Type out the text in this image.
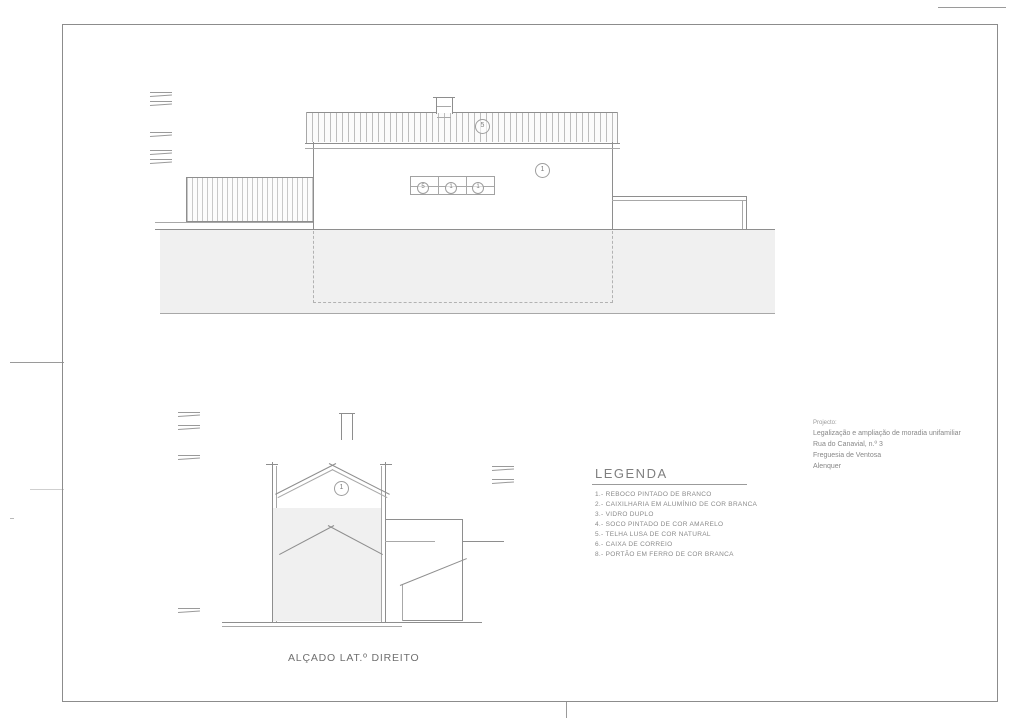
5	1	1
5
1
1
LEGENDA
1.- REBOCO PINTADO DE BRANCO
2.- CAIXILHARIA EM ALUMÍNIO DE COR BRANCA
3.- VIDRO DUPLO
4.- SOCO PINTADO DE COR AMARELO
5.- TELHA LUSA DE COR NATURAL
6.- CAIXA DE CORREIO
8.- PORTÃO EM FERRO DE COR BRANCA
Projecto:
Legalização e ampliação de moradia unifamiliar
Rua do Canavial, n.º 3
Freguesia de Ventosa
Alenquer
ALÇADO LAT.º DIREITO
